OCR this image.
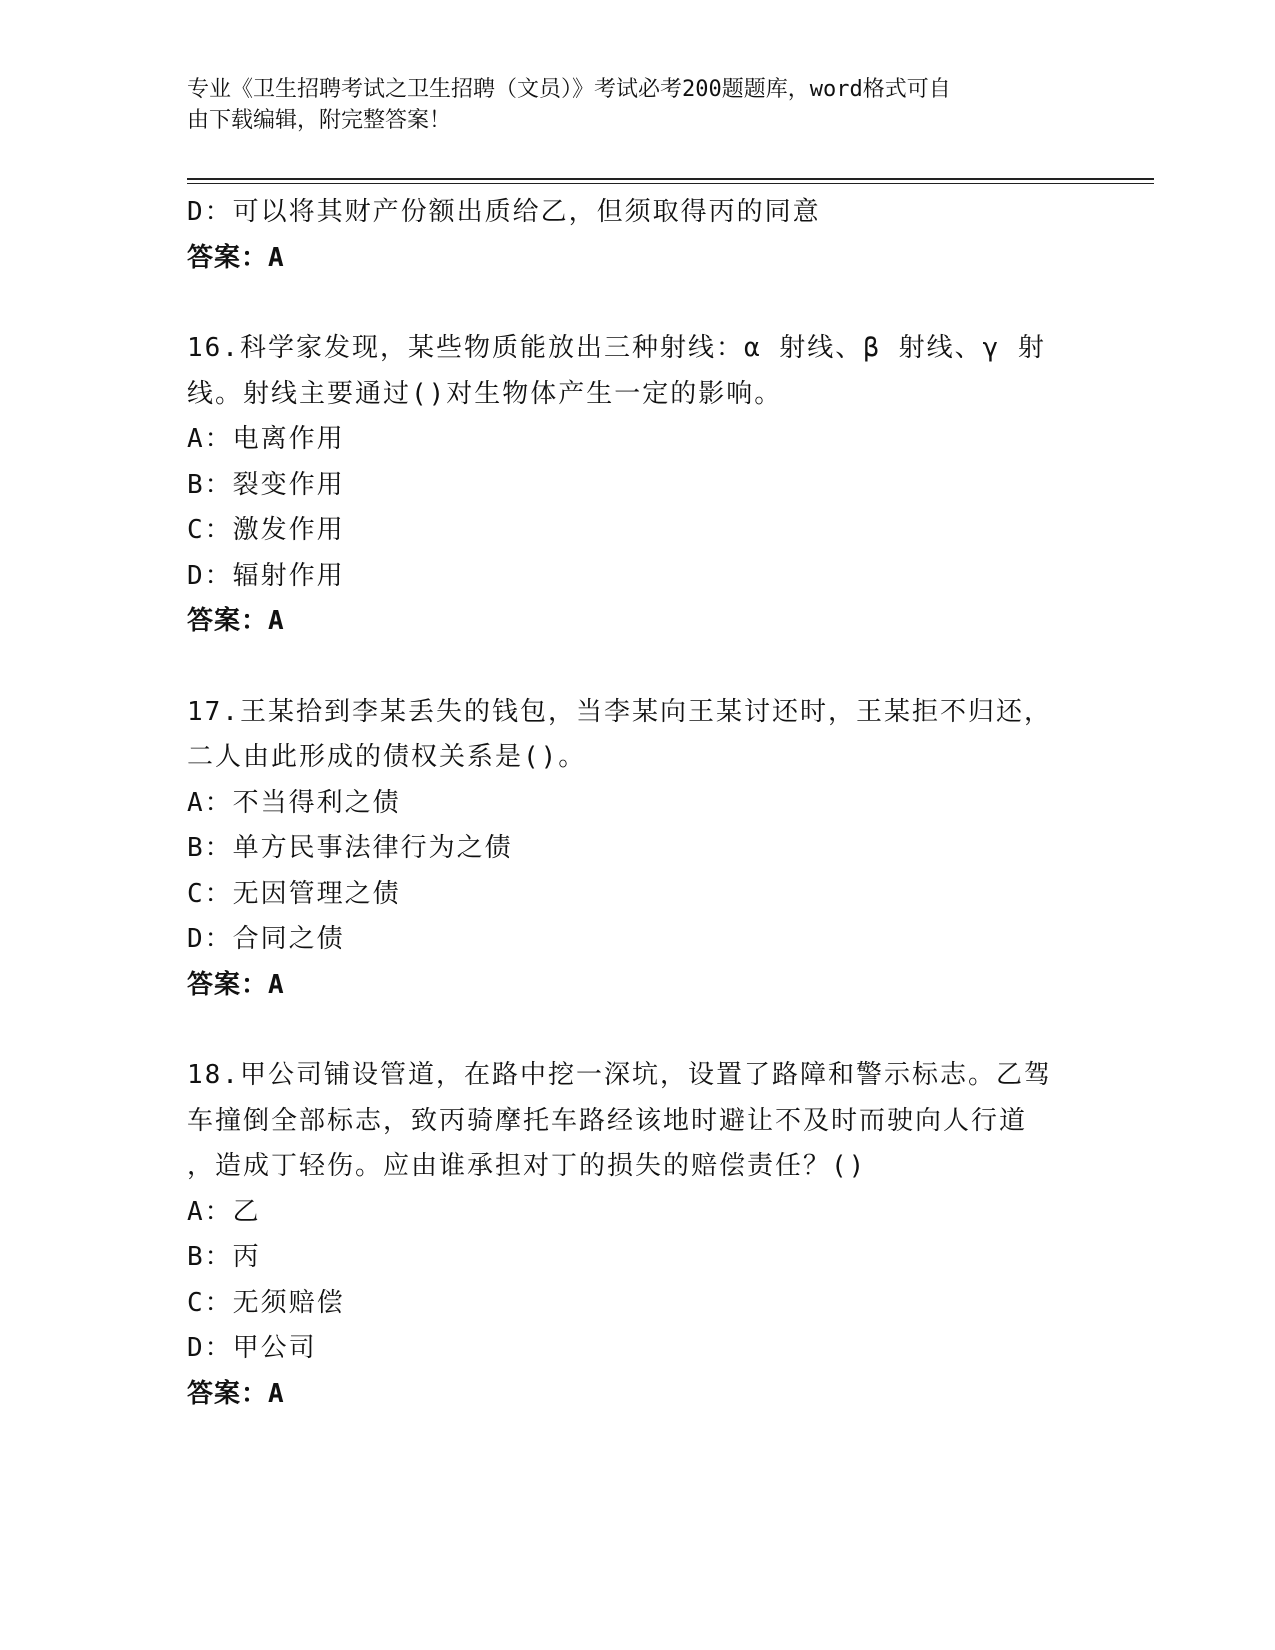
专业《卫生招聘考试之卫生招聘（文员）》考试必考200题题库，word格式可自
由下载编辑，附完整答案！
D：可以将其财产份额出质给乙，但须取得丙的同意
答案：A
16.科学家发现，某些物质能放出三种射线：α 射线、β 射线、γ 射
线。射线主要通过()对生物体产生一定的影响。
A：电离作用
B：裂变作用
C：激发作用
D：辐射作用
答案：A
17.王某拾到李某丢失的钱包，当李某向王某讨还时，王某拒不归还，
二人由此形成的债权关系是()。
A：不当得利之债
B：单方民事法律行为之债
C：无因管理之债
D：合同之债
答案：A
18.甲公司铺设管道，在路中挖一深坑，设置了路障和警示标志。乙驾
车撞倒全部标志，致丙骑摩托车路经该地时避让不及时而驶向人行道
，造成丁轻伤。应由谁承担对丁的损失的赔偿责任？()
A：乙
B：丙
C：无须赔偿
D：甲公司
答案：A
